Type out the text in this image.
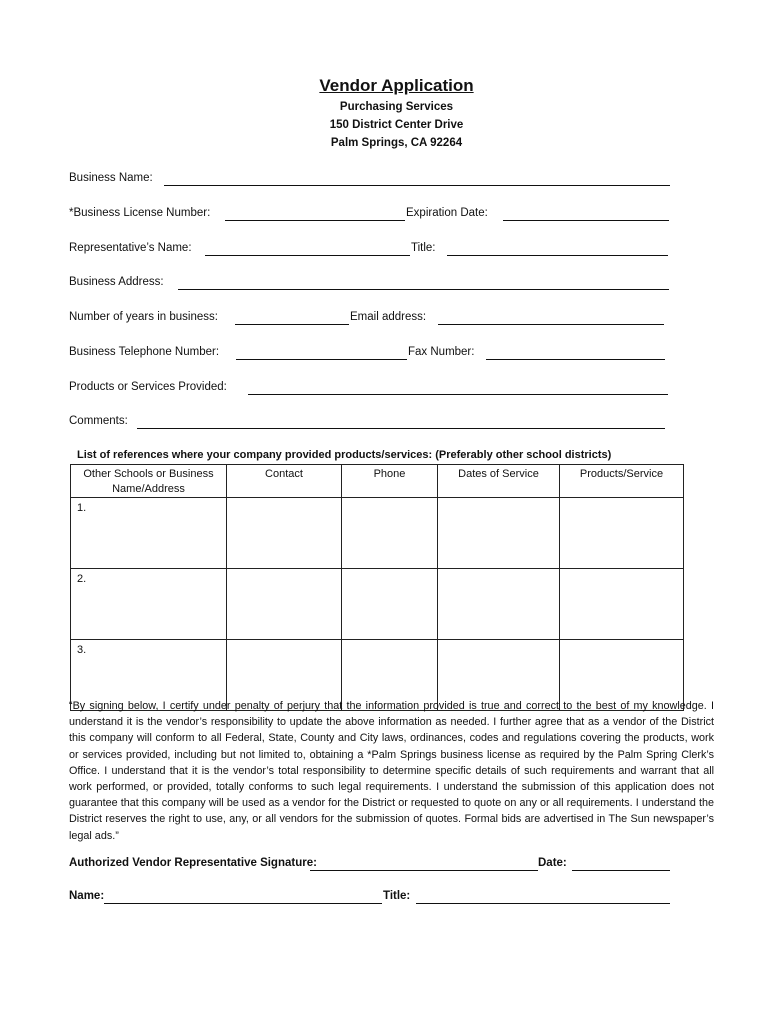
Vendor Application
Purchasing Services
150 District Center Drive
Palm Springs, CA 92264
Business Name:
*Business License Number:	Expiration Date:
Representative’s Name:	Title:
Business Address:
Number of years in business:	Email address:
Business Telephone Number:	Fax Number:
Products or Services Provided:
Comments:
List of references where your company provided products/services: (Preferably other school districts)
Other Schools or Business Name/Address	Contact	Phone	Dates of Service	Products/Service
1.				
2.				
3.				
“By signing below, I certify under penalty of perjury that the information provided is true and correct to the best of my knowledge. I understand it is the vendor’s responsibility to update the above information as needed. I further agree that as a vendor of the District this company will conform to all Federal, State, County and City laws, ordinances, codes and regulations covering the products, work or services provided, including but not limited to, obtaining a *Palm Springs business license as required by the Palm Spring Clerk’s Office. I understand that it is the vendor’s total responsibility to determine specific details of such requirements and warrant that all work performed, or provided, totally conforms to such legal requirements. I understand the submission of this application does not guarantee that this company will be used as a vendor for the District or requested to quote on any or all requirements. I understand the District reserves the right to use, any, or all vendors for the submission of quotes. Formal bids are advertised in The Sun newspaper’s legal ads.”
Authorized Vendor Representative Signature:	Date:
Name:	Title:
